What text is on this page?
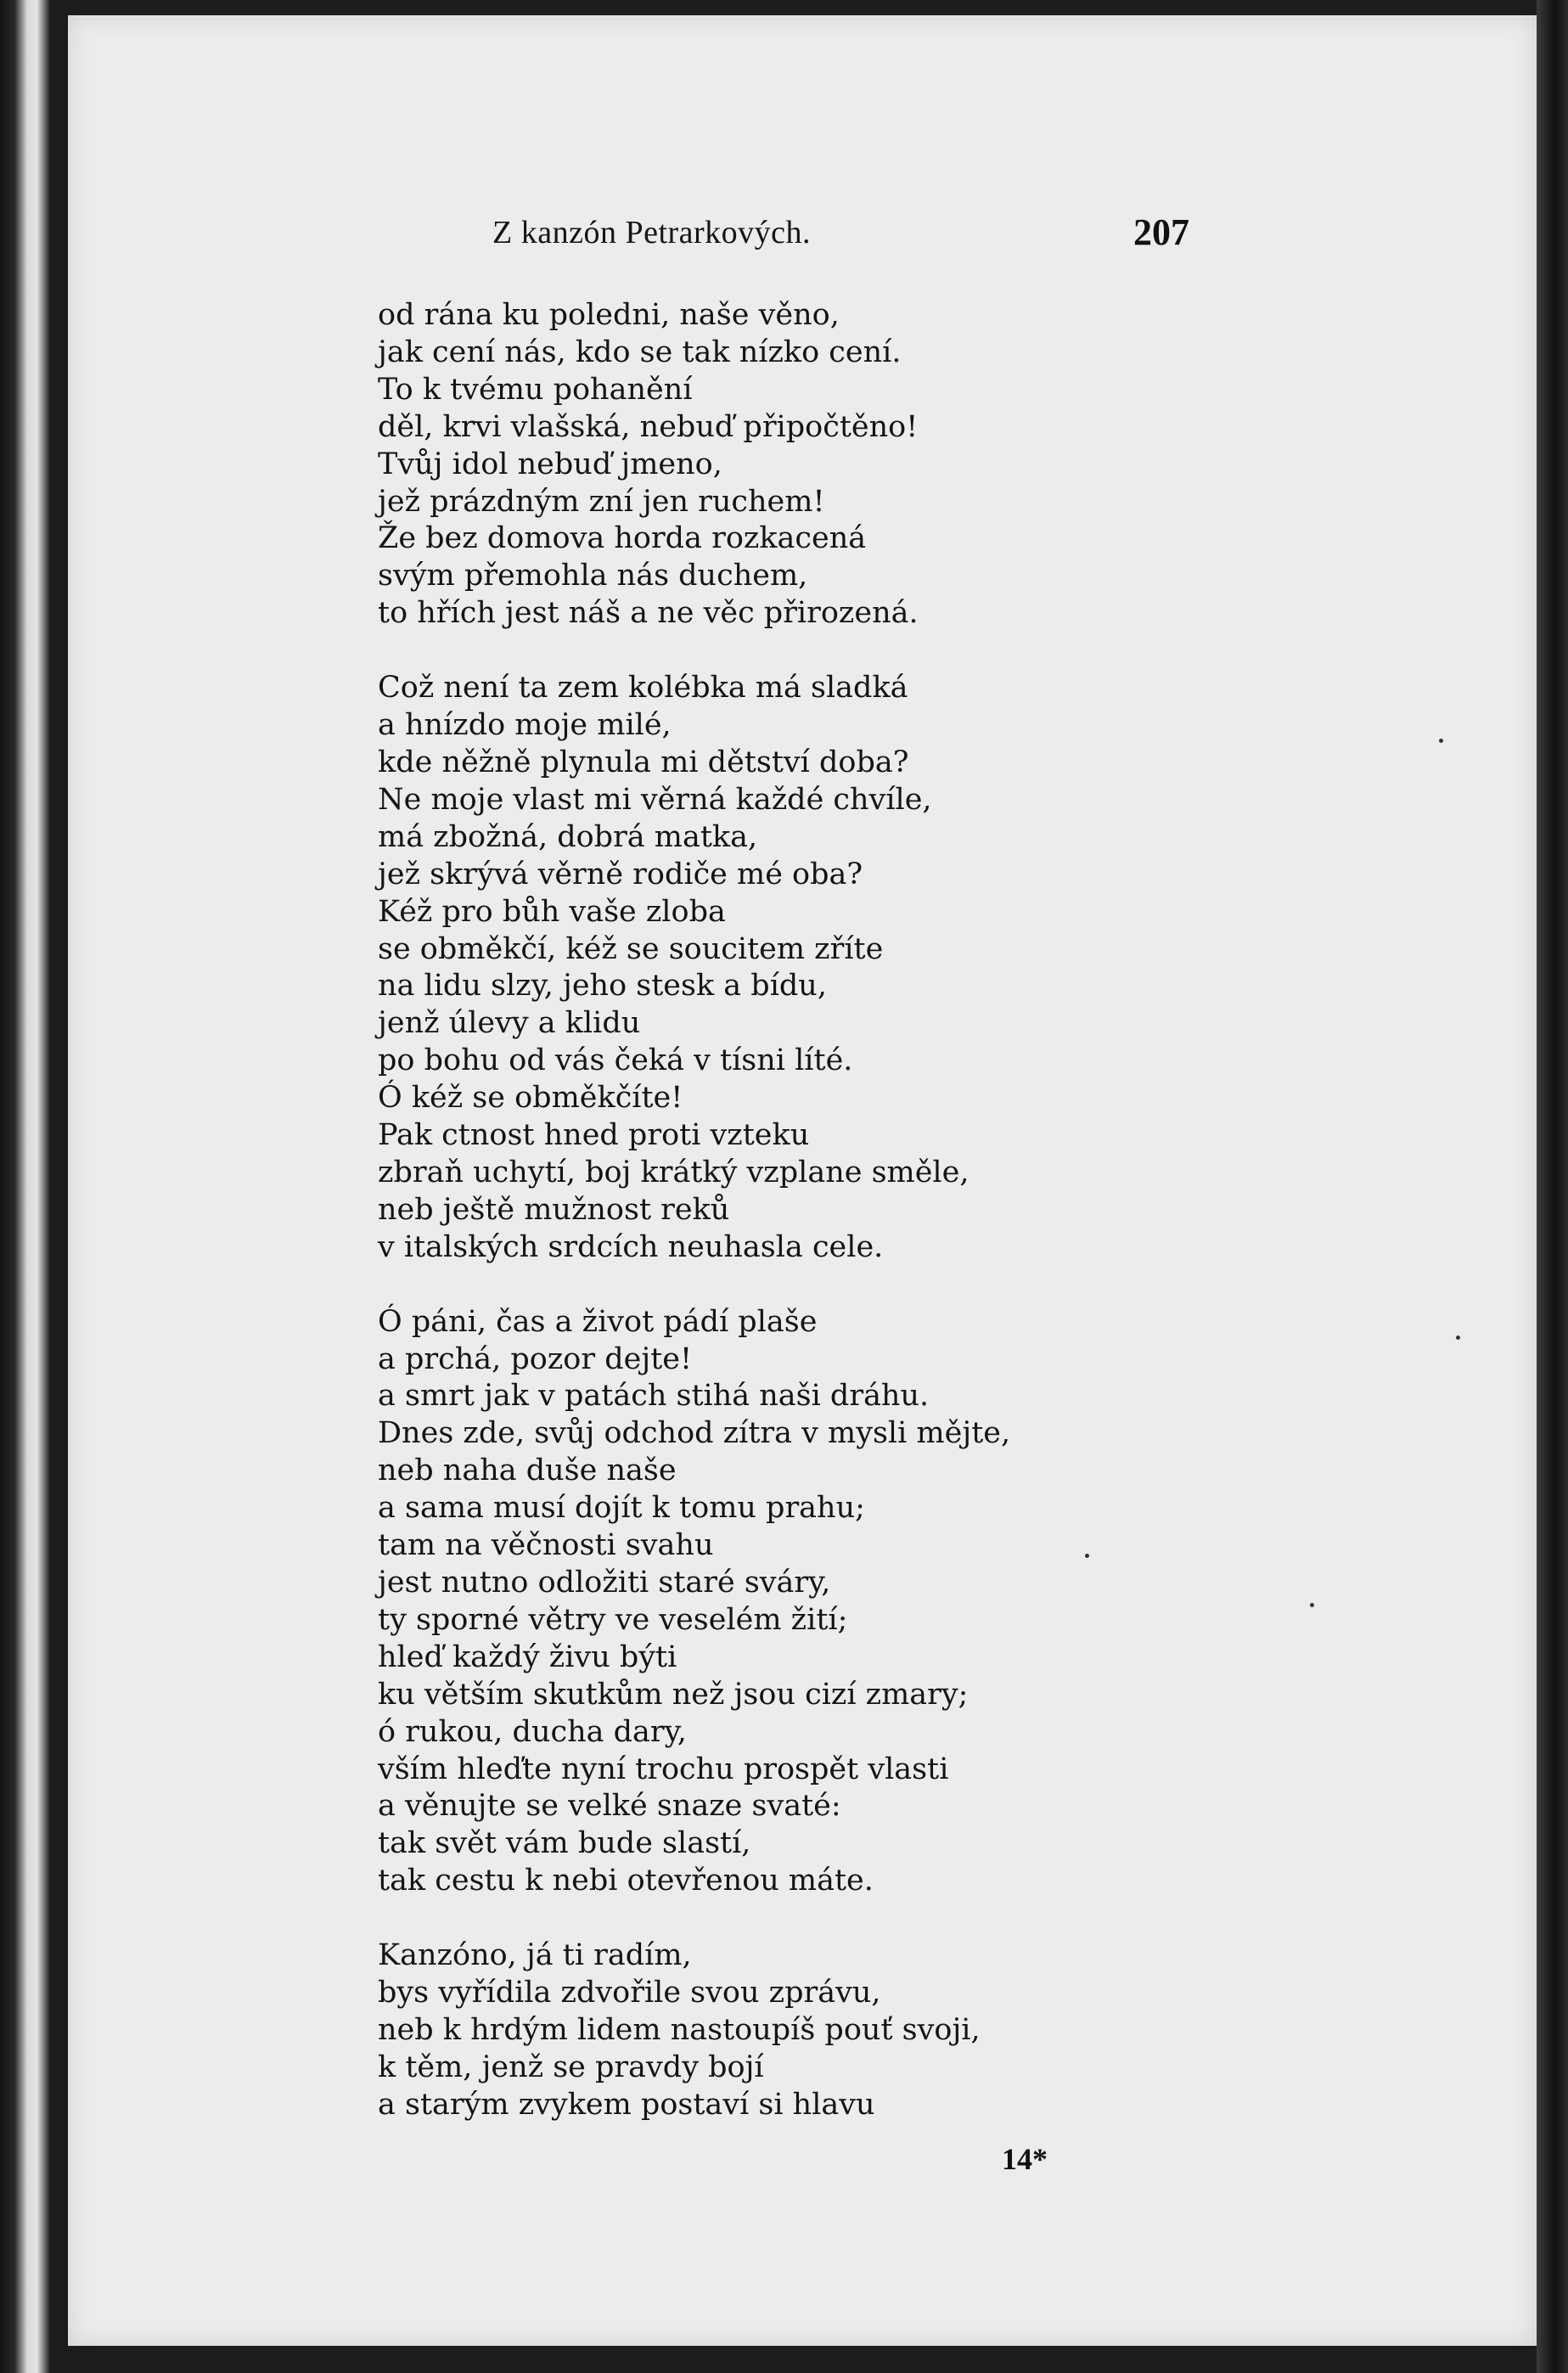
Z kanzón Petrarkových.	207
od rána ku poledni, naše věno,
jak cení nás, kdo se tak nízko cení.
To k tvému pohanění
děl, krvi vlašská, nebuď připočtěno!
Tvůj idol nebuď jmeno,
jež prázdným zní jen ruchem!
Že bez domova horda rozkacená
svým přemohla nás duchem,
to hřích jest náš a ne věc přirozená.
Což není ta zem kolébka má sladká
a hnízdo moje milé,
kde něžně plynula mi dětství doba?
Ne moje vlast mi věrná každé chvíle,
má zbožná, dobrá matka,
jež skrývá věrně rodiče mé oba?
Kéž pro bůh vaše zloba
se obměkčí, kéž se soucitem zříte
na lidu slzy, jeho stesk a bídu,
jenž úlevy a klidu
po bohu od vás čeká v tísni líté.
Ó kéž se obměkčíte!
Pak ctnost hned proti vzteku
zbraň uchytí, boj krátký vzplane směle,
neb ještě mužnost reků
v italských srdcích neuhasla cele.
Ó páni, čas a život pádí plaše
a prchá, pozor dejte!
a smrt jak v patách stihá naši dráhu.
Dnes zde, svůj odchod zítra v mysli mějte,
neb naha duše naše
a sama musí dojít k tomu prahu;
tam na věčnosti svahu
jest nutno odložiti staré sváry,
ty sporné větry ve veselém žití;
hleď každý živu býti
ku větším skutkům než jsou cizí zmary;
ó rukou, ducha dary,
vším hleďte nyní trochu prospět vlasti
a věnujte se velké snaze svaté:
tak svět vám bude slastí,
tak cestu k nebi otevřenou máte.
Kanzóno, já ti radím,
bys vyřídila zdvořile svou zprávu,
neb k hrdým lidem nastoupíš pouť svoji,
k těm, jenž se pravdy bojí
a starým zvykem postaví si hlavu
14*
